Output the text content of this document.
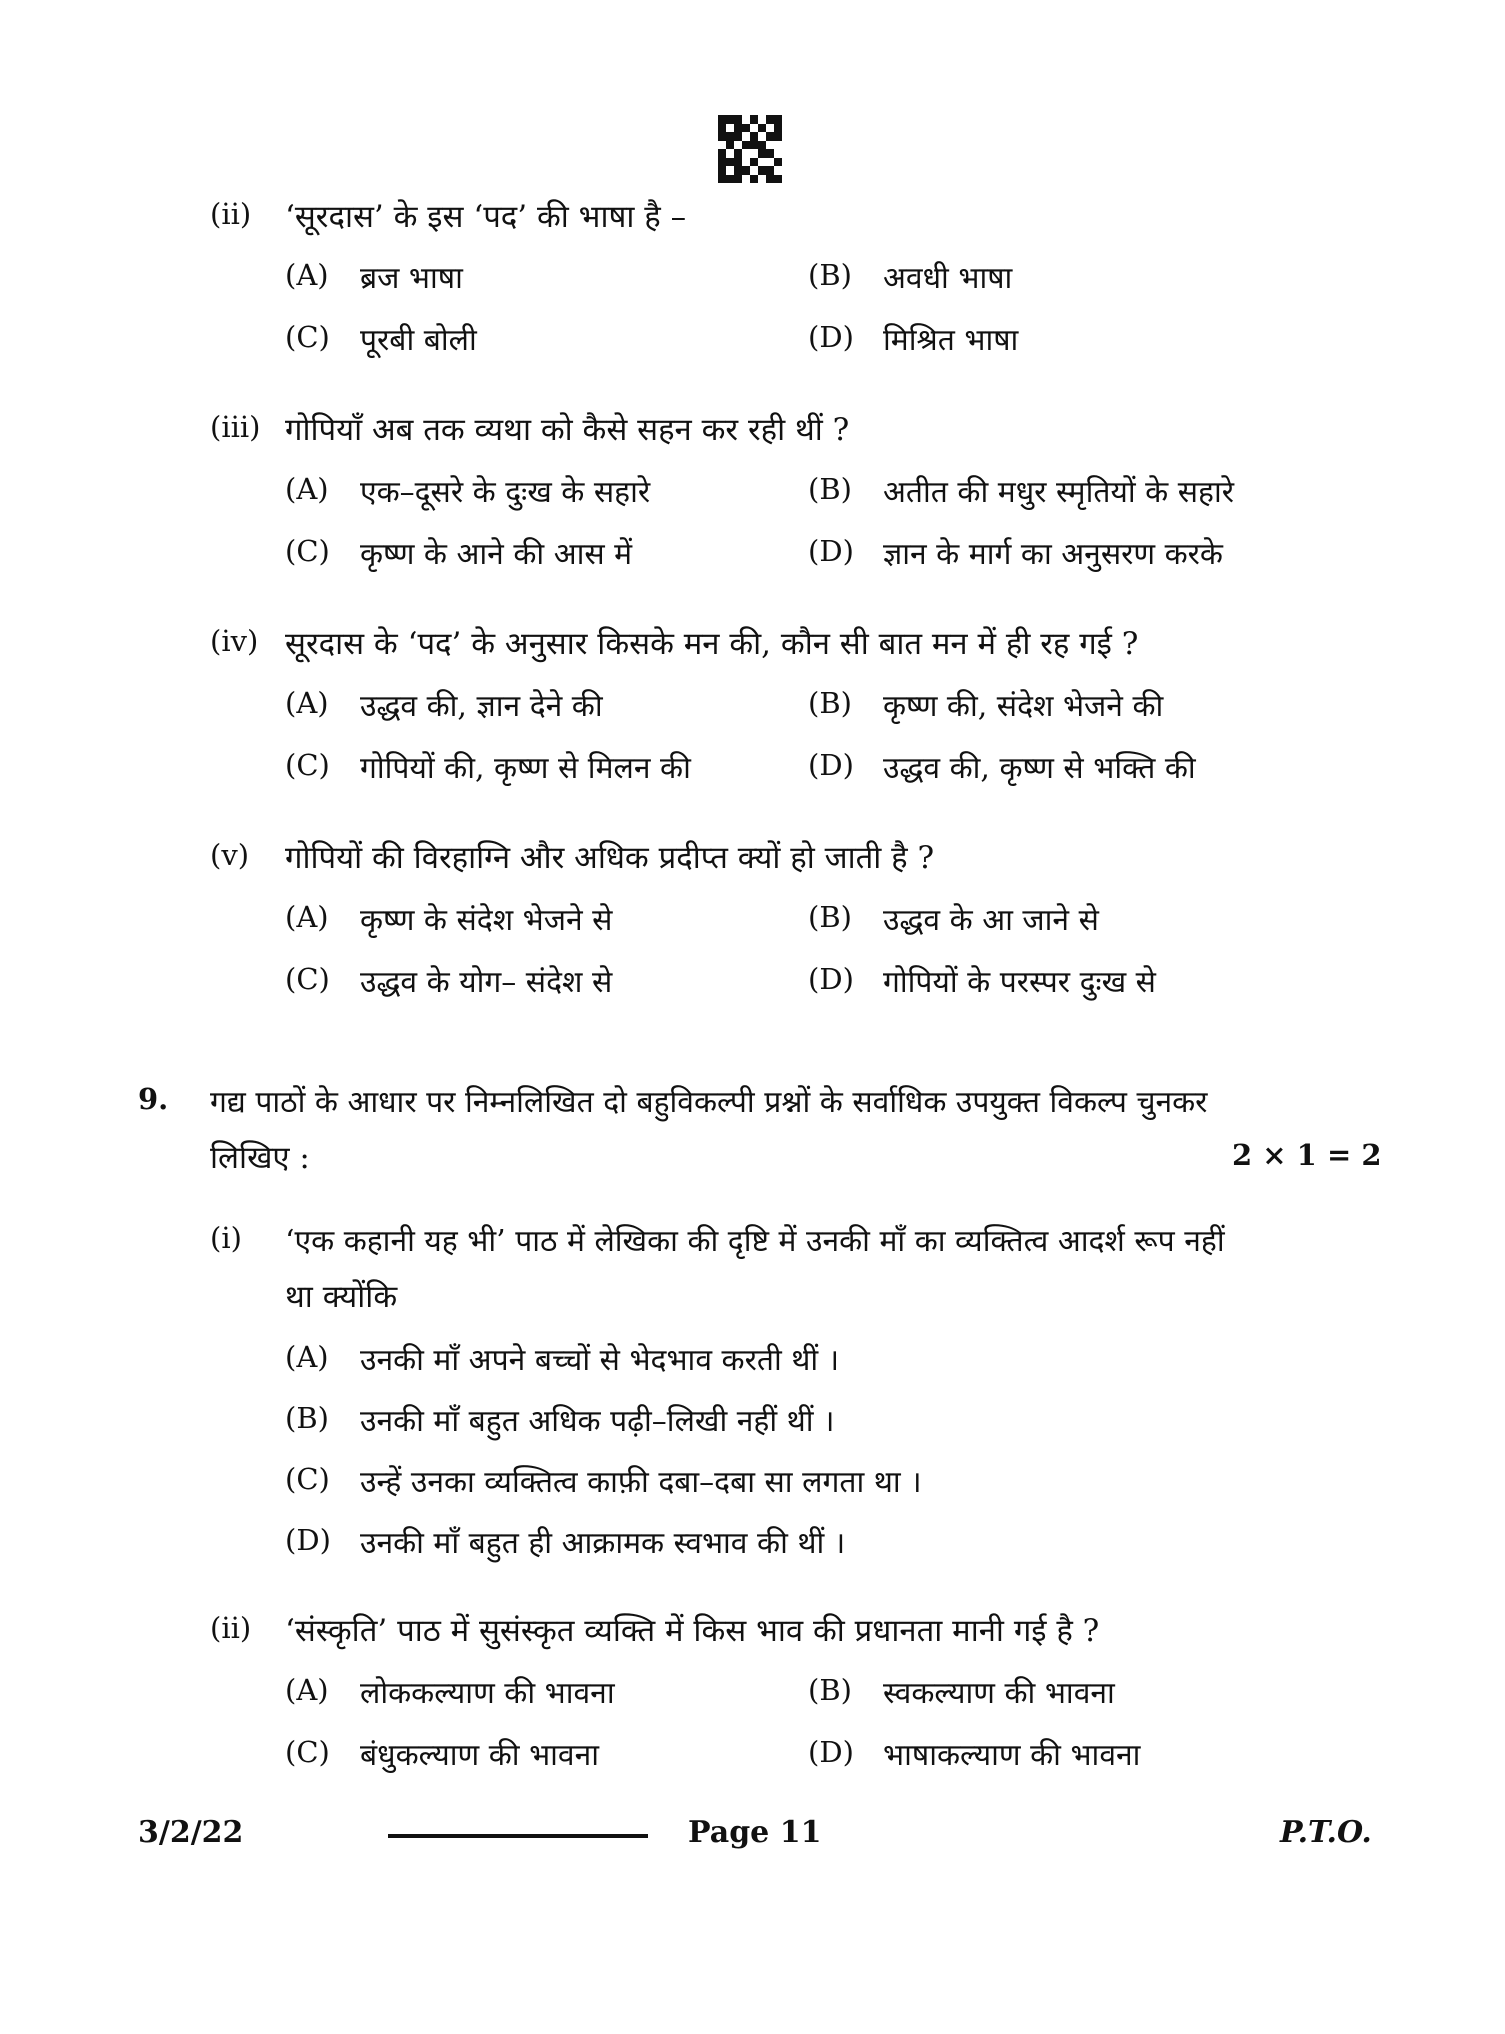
(ii) ‘सूरदास’ के इस ‘पद’ की भाषा है –
(A) ब्रज भाषा	(B) अवधी भाषा
(C) पूरबी बोली	(D) मिश्रित भाषा
(iii) गोपियाँ अब तक व्यथा को कैसे सहन कर रही थीं ?
(A) एक–दूसरे के दुःख के सहारे	(B) अतीत की मधुर स्मृतियों के सहारे
(C) कृष्ण के आने की आस में	(D) ज्ञान के मार्ग का अनुसरण करके
(iv) सूरदास के ‘पद’ के अनुसार किसके मन की, कौन सी बात मन में ही रह गई ?
(A) उद्धव की, ज्ञान देने की	(B) कृष्ण की, संदेश भेजने की
(C) गोपियों की, कृष्ण से मिलन की	(D) उद्धव की, कृष्ण से भक्ति की
(v) गोपियों की विरहाग्नि और अधिक प्रदीप्त क्यों हो जाती है ?
(A) कृष्ण के संदेश भेजने से	(B) उद्धव के आ जाने से
(C) उद्धव के योग– संदेश से	(D) गोपियों के परस्पर दुःख से
9. गद्य पाठों के आधार पर निम्नलिखित दो बहुविकल्पी प्रश्नों के सर्वाधिक उपयुक्त विकल्प चुनकर
लिखिए :	2 × 1 = 2
(i) ‘एक कहानी यह भी’ पाठ में लेखिका की दृष्टि में उनकी माँ का व्यक्तित्व आदर्श रूप नहीं
था क्योंकि
(A) उनकी माँ अपने बच्चों से भेदभाव करती थीं ।
(B) उनकी माँ बहुत अधिक पढ़ी–लिखी नहीं थीं ।
(C) उन्हें उनका व्यक्तित्व काफ़ी दबा–दबा सा लगता था ।
(D) उनकी माँ बहुत ही आक्रामक स्वभाव की थीं ।
(ii) ‘संस्कृति’ पाठ में सुसंस्कृत व्यक्ति में किस भाव की प्रधानता मानी गई है ?
(A) लोककल्याण की भावना	(B) स्वकल्याण की भावना
(C) बंधुकल्याण की भावना	(D) भाषाकल्याण की भावना
3/2/22	Page 11	P.T.O.
